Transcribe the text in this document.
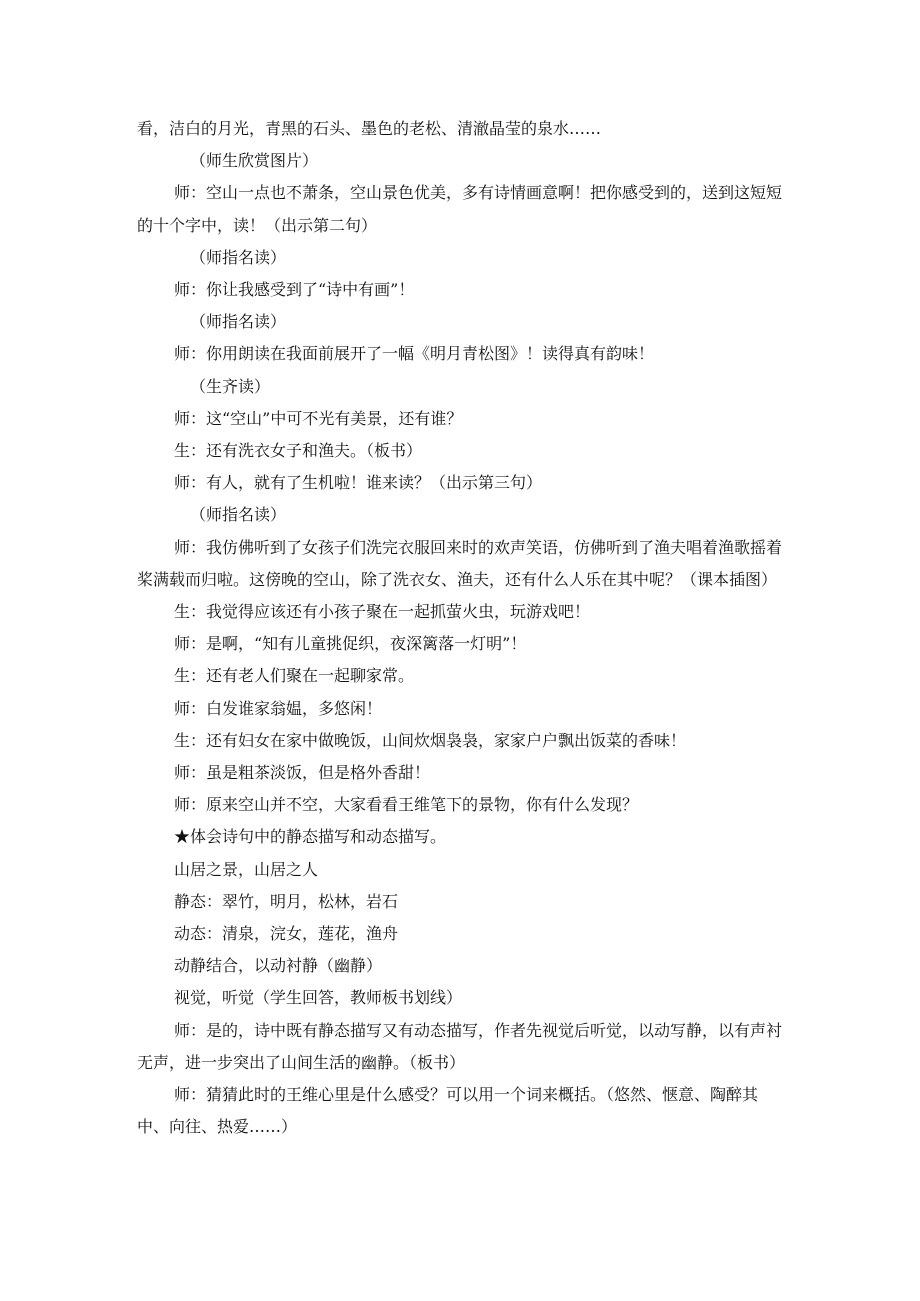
看，洁白的月光，青黑的石头、墨色的老松、清澈晶莹的泉水……

（师生欣赏图片）

师：空山一点也不萧条，空山景色优美，多有诗情画意啊！把你感受到的，送到这短短的十个字中，读！（出示第二句）

（师指名读）

师：你让我感受到了“诗中有画”！

（师指名读）

师：你用朗读在我面前展开了一幅《明月青松图》！读得真有韵味！

（生齐读）

师：这“空山”中可不光有美景，还有谁？

生：还有洗衣女子和渔夫。（板书）

师：有人，就有了生机啦！谁来读？（出示第三句）

（师指名读）

师：我仿佛听到了女孩子们洗完衣服回来时的欢声笑语，仿佛听到了渔夫唱着渔歌摇着桨满载而归啦。这傍晚的空山，除了洗衣女、渔夫，还有什么人乐在其中呢？（课本插图）

生：我觉得应该还有小孩子聚在一起抓萤火虫，玩游戏吧！

师：是啊，“知有儿童挑促织，夜深篱落一灯明”！

生：还有老人们聚在一起聊家常。

师：白发谁家翁媪，多悠闲！

生：还有妇女在家中做晚饭，山间炊烟袅袅，家家户户飘出饭菜的香味！

师：虽是粗茶淡饭，但是格外香甜！

师：原来空山并不空，大家看看王维笔下的景物，你有什么发现？

★体会诗句中的静态描写和动态描写。

山居之景，山居之人

静态：翠竹，明月，松林，岩石

动态：清泉，浣女，莲花，渔舟

动静结合，以动衬静（幽静）

视觉，听觉（学生回答，教师板书划线）

师：是的，诗中既有静态描写又有动态描写，作者先视觉后听觉，以动写静，以有声衬无声，进一步突出了山间生活的幽静。（板书）

师：猜猜此时的王维心里是什么感受？可以用一个词来概括。（悠然、惬意、陶醉其中、向往、热爱……）
